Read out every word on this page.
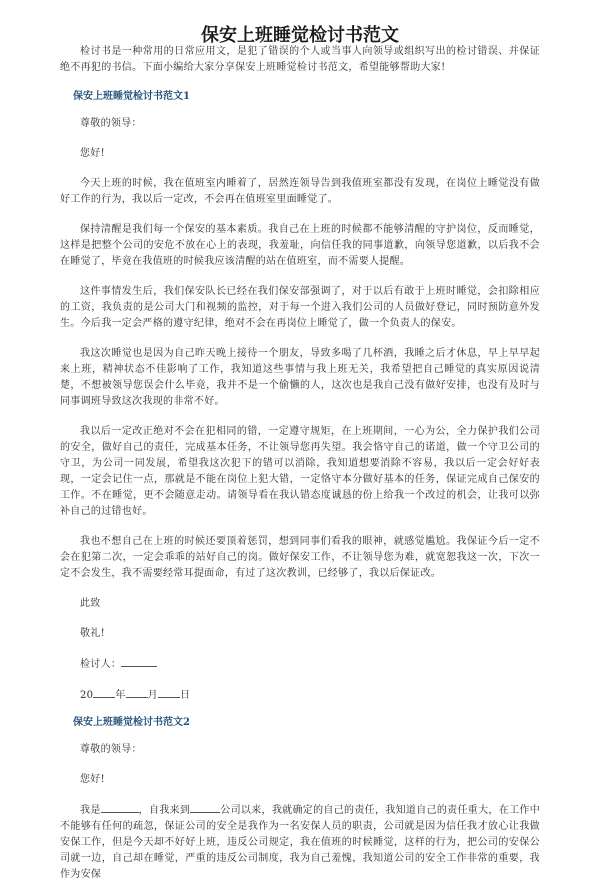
保安上班睡觉检讨书范文

检讨书是一种常用的日常应用文，是犯了错误的个人或当事人向领导或组织写出的检讨错误、并保证绝不再犯的书信。下面小编给大家分享保安上班睡觉检讨书范文，希望能够帮助大家!

保安上班睡觉检讨书范文1

尊敬的领导：

您好!

今天上班的时候，我在值班室内睡着了，居然连领导告到我值班室都没有发现，在岗位上睡觉没有做好工作的行为，我以后一定改，不会再在值班室里面睡觉了。

保持清醒是我们每一个保安的基本素质。我自己在上班的时候都不能够清醒的守护岗位，反而睡觉，这样是把整个公司的安危不放在心上的表现，我羞耻，向信任我的同事道歉，向领导您道歉，以后我不会在睡觉了，毕竟在我值班的时候我应该清醒的站在值班室，而不需要人提醒。

这件事情发生后，我们保安队长已经在我们保安部强调了，对于以后有敢于上班时睡觉，会扣除相应的工资，我负责的是公司大门和视频的监控，对于每一个进入我们公司的人员做好登记，同时预防意外发生。今后我一定会严格的遵守纪律，绝对不会在再岗位上睡觉了，做一个负责人的保安。

我这次睡觉也是因为自己昨天晚上接待一个朋友，导致多喝了几杯酒，我睡之后才休息，早上早早起来上班，精神状态不佳影响了工作，我知道这些事情与我上班无关，我希望把自己睡觉的真实原因说清楚，不想被领导您误会什么毕竟，我并不是一个偷懒的人，这次也是我自己没有做好安排，也没有及时与同事调班导致这次我现的非常不好。

我以后一定改正绝对不会在犯相同的错，一定遵守规矩，在上班期间，一心为公，全力保护我们公司的安全，做好自己的责任，完成基本任务，不让领导您再失望。我会恪守自己的诺道，做一个守卫公司的守卫，为公司一同发展，希望我这次犯下的错可以消除，我知道想要消除不容易，我以后一定会好好表现，一定会记住一点，那就是不能在岗位上犯大错，一定恪守本分做好基本的任务，保证完成自己保安的工作。不在睡觉，更不会随意走动。请领导看在我认错态度诚恳的份上给我一个改过的机会，让我可以弥补自己的过错也好。

我也不想自己在上班的时候还要顶着惩罚，想到同事们看我的眼神，就感觉尴尬。我保证今后一定不会在犯第二次，一定会乖乖的站好自己的岗。做好保安工作，不让领导您为难，就宽恕我这一次，下次一定不会发生，我不需要经常耳提面命，有过了这次教训，已经够了，我以后保证改。

此致

敬礼!

检讨人：

20 年 月 日

保安上班睡觉检讨书范文2

尊敬的领导：

您好!

我是	，自我来到	公司以来，我就确定的自己的责任，我知道自己的责任重大，在工作中不能够有任何的疏忽，保证公司的安全是我作为一名安保人员的职责，公司就是因为信任我才放心让我做安保工作，但是今天却不好好上班，违反公司规定，我在值班的时候睡觉，这样的行为，把公司的安保公司就一边，自己却在睡觉，严重的违反公司制度，我为自己羞愧，我知道公司的安全工作非常的重要，我作为安保
